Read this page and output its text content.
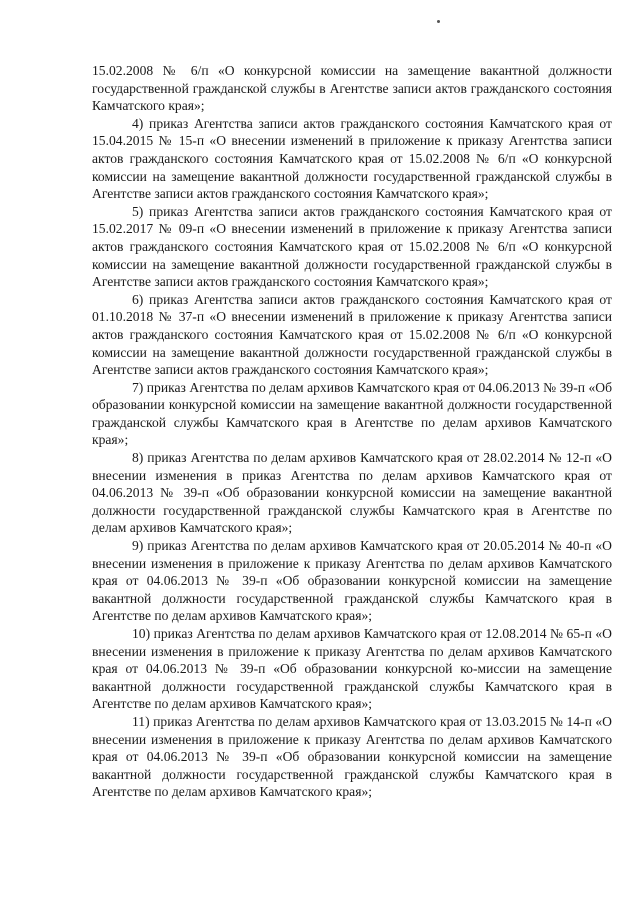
15.02.2008 № 6/п «О конкурсной комиссии на замещение вакантной должности государственной гражданской службы в Агентстве записи актов гражданского состояния Камчатского края»;

4) приказ Агентства записи актов гражданского состояния Камчатского края от 15.04.2015 № 15-п «О внесении изменений в приложение к приказу Агентства записи актов гражданского состояния Камчатского края от 15.02.2008 № 6/п «О конкурсной комиссии на замещение вакантной должности государственной гражданской службы в Агентстве записи актов гражданского состояния Камчатского края»;

5) приказ Агентства записи актов гражданского состояния Камчатского края от 15.02.2017 № 09-п «О внесении изменений в приложение к приказу Агентства записи актов гражданского состояния Камчатского края от 15.02.2008 № 6/п «О конкурсной комиссии на замещение вакантной должности государственной гражданской службы в Агентстве записи актов гражданского состояния Камчатского края»;

6) приказ Агентства записи актов гражданского состояния Камчатского края от 01.10.2018 № 37-п «О внесении изменений в приложение к приказу Агентства записи актов гражданского состояния Камчатского края от 15.02.2008 № 6/п «О конкурсной комиссии на замещение вакантной должности государственной гражданской службы в Агентстве записи актов гражданского состояния Камчатского края»;

7) приказ Агентства по делам архивов Камчатского края от 04.06.2013 № 39-п «Об образовании конкурсной комиссии на замещение вакантной должности государственной гражданской службы Камчатского края в Агентстве по делам архивов Камчатского края»;

8) приказ Агентства по делам архивов Камчатского края от 28.02.2014 № 12-п «О внесении изменения в приказ Агентства по делам архивов Камчатского края от 04.06.2013 № 39-п «Об образовании конкурсной комиссии на замещение вакантной должности государственной гражданской службы Камчатского края в Агентстве по делам архивов Камчатского края»;

9) приказ Агентства по делам архивов Камчатского края от 20.05.2014 № 40-п «О внесении изменения в приложение к приказу Агентства по делам архивов Камчатского края от 04.06.2013 № 39-п «Об образовании конкурсной комиссии на замещение вакантной должности государственной гражданской службы Камчатского края в Агентстве по делам архивов Камчатского края»;

10) приказ Агентства по делам архивов Камчатского края от 12.08.2014 № 65-п «О внесении изменения в приложение к приказу Агентства по делам архивов Камчатского края от 04.06.2013 № 39-п «Об образовании конкурсной ко-миссии на замещение вакантной должности государственной гражданской службы Камчатского края в Агентстве по делам архивов Камчатского края»;

11) приказ Агентства по делам архивов Камчатского края от 13.03.2015 № 14-п «О внесении изменения в приложение к приказу Агентства по делам архивов Камчатского края от 04.06.2013 № 39-п «Об образовании конкурсной комиссии на замещение вакантной должности государственной гражданской службы Камчатского края в Агентстве по делам архивов Камчатского края»;
